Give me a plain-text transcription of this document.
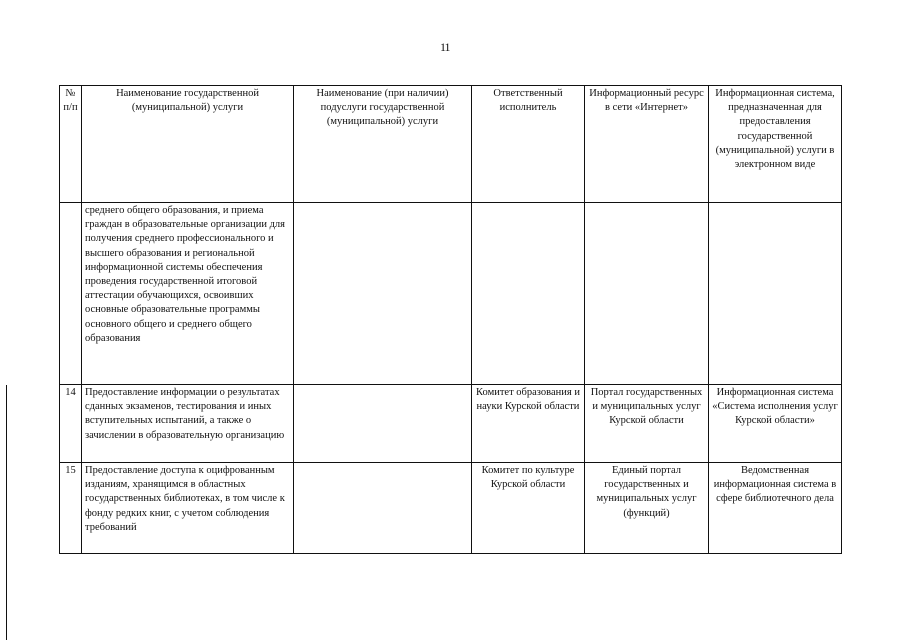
11
№ п/п	Наименование государственной (муниципальной) услуги	Наименование (при наличии) подуслуги государственной (муниципальной) услуги	Ответственный исполнитель	Информационный ресурс в сети «Интернет»	Информационная система, предназначенная для предоставления государственной (муниципальной) услуги в электронном виде
	среднего общего образования, и приема граждан в образовательные организации для получения среднего профессионального и высшего образования и региональной информационной системы обеспечения проведения государственной итоговой аттестации обучающихся, освоивших основные образовательные программы основного общего и среднего общего образования				
14	Предоставление информации о результатах сданных экзаменов, тестирования и иных вступительных испытаний, а также о зачислении в образовательную организацию		Комитет образования и науки Курской области	Портал государственных и муниципальных услуг Курской области	Информационная система «Система исполнения услуг Курской области»
15	Предоставление доступа к оцифрованным изданиям, хранящимся в областных государственных библиотеках, в том числе к фонду редких книг, с учетом соблюдения требований		Комитет по культуре Курской области	Единый портал государственных и муниципальных услуг (функций)	Ведомственная информационная система в сфере библиотечного дела
